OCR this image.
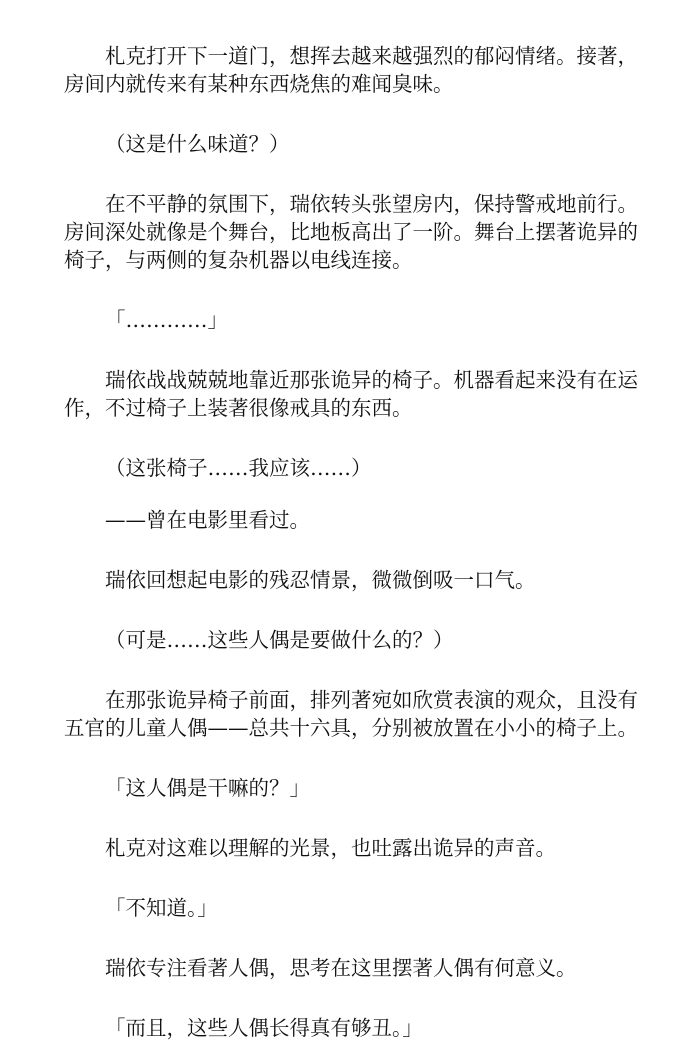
札克打开下一道门，想挥去越来越强烈的郁闷情绪。接著，房间内就传来有某种东西烧焦的难闻臭味。

（这是什么味道？）

在不平静的氛围下，瑞依转头张望房内，保持警戒地前行。房间深处就像是个舞台，比地板高出了一阶。舞台上摆著诡异的椅子，与两侧的复杂机器以电线连接。

「…………」

瑞依战战兢兢地靠近那张诡异的椅子。机器看起来没有在运作，不过椅子上装著很像戒具的东西。

（这张椅子……我应该……）

——曾在电影里看过。

瑞依回想起电影的残忍情景，微微倒吸一口气。

（可是……这些人偶是要做什么的？）

在那张诡异椅子前面，排列著宛如欣赏表演的观众，且没有五官的儿童人偶——总共十六具，分别被放置在小小的椅子上。

「这人偶是干嘛的？」

札克对这难以理解的光景，也吐露出诡异的声音。

「不知道。」

瑞依专注看著人偶，思考在这里摆著人偶有何意义。

「而且，这些人偶长得真有够丑。」
